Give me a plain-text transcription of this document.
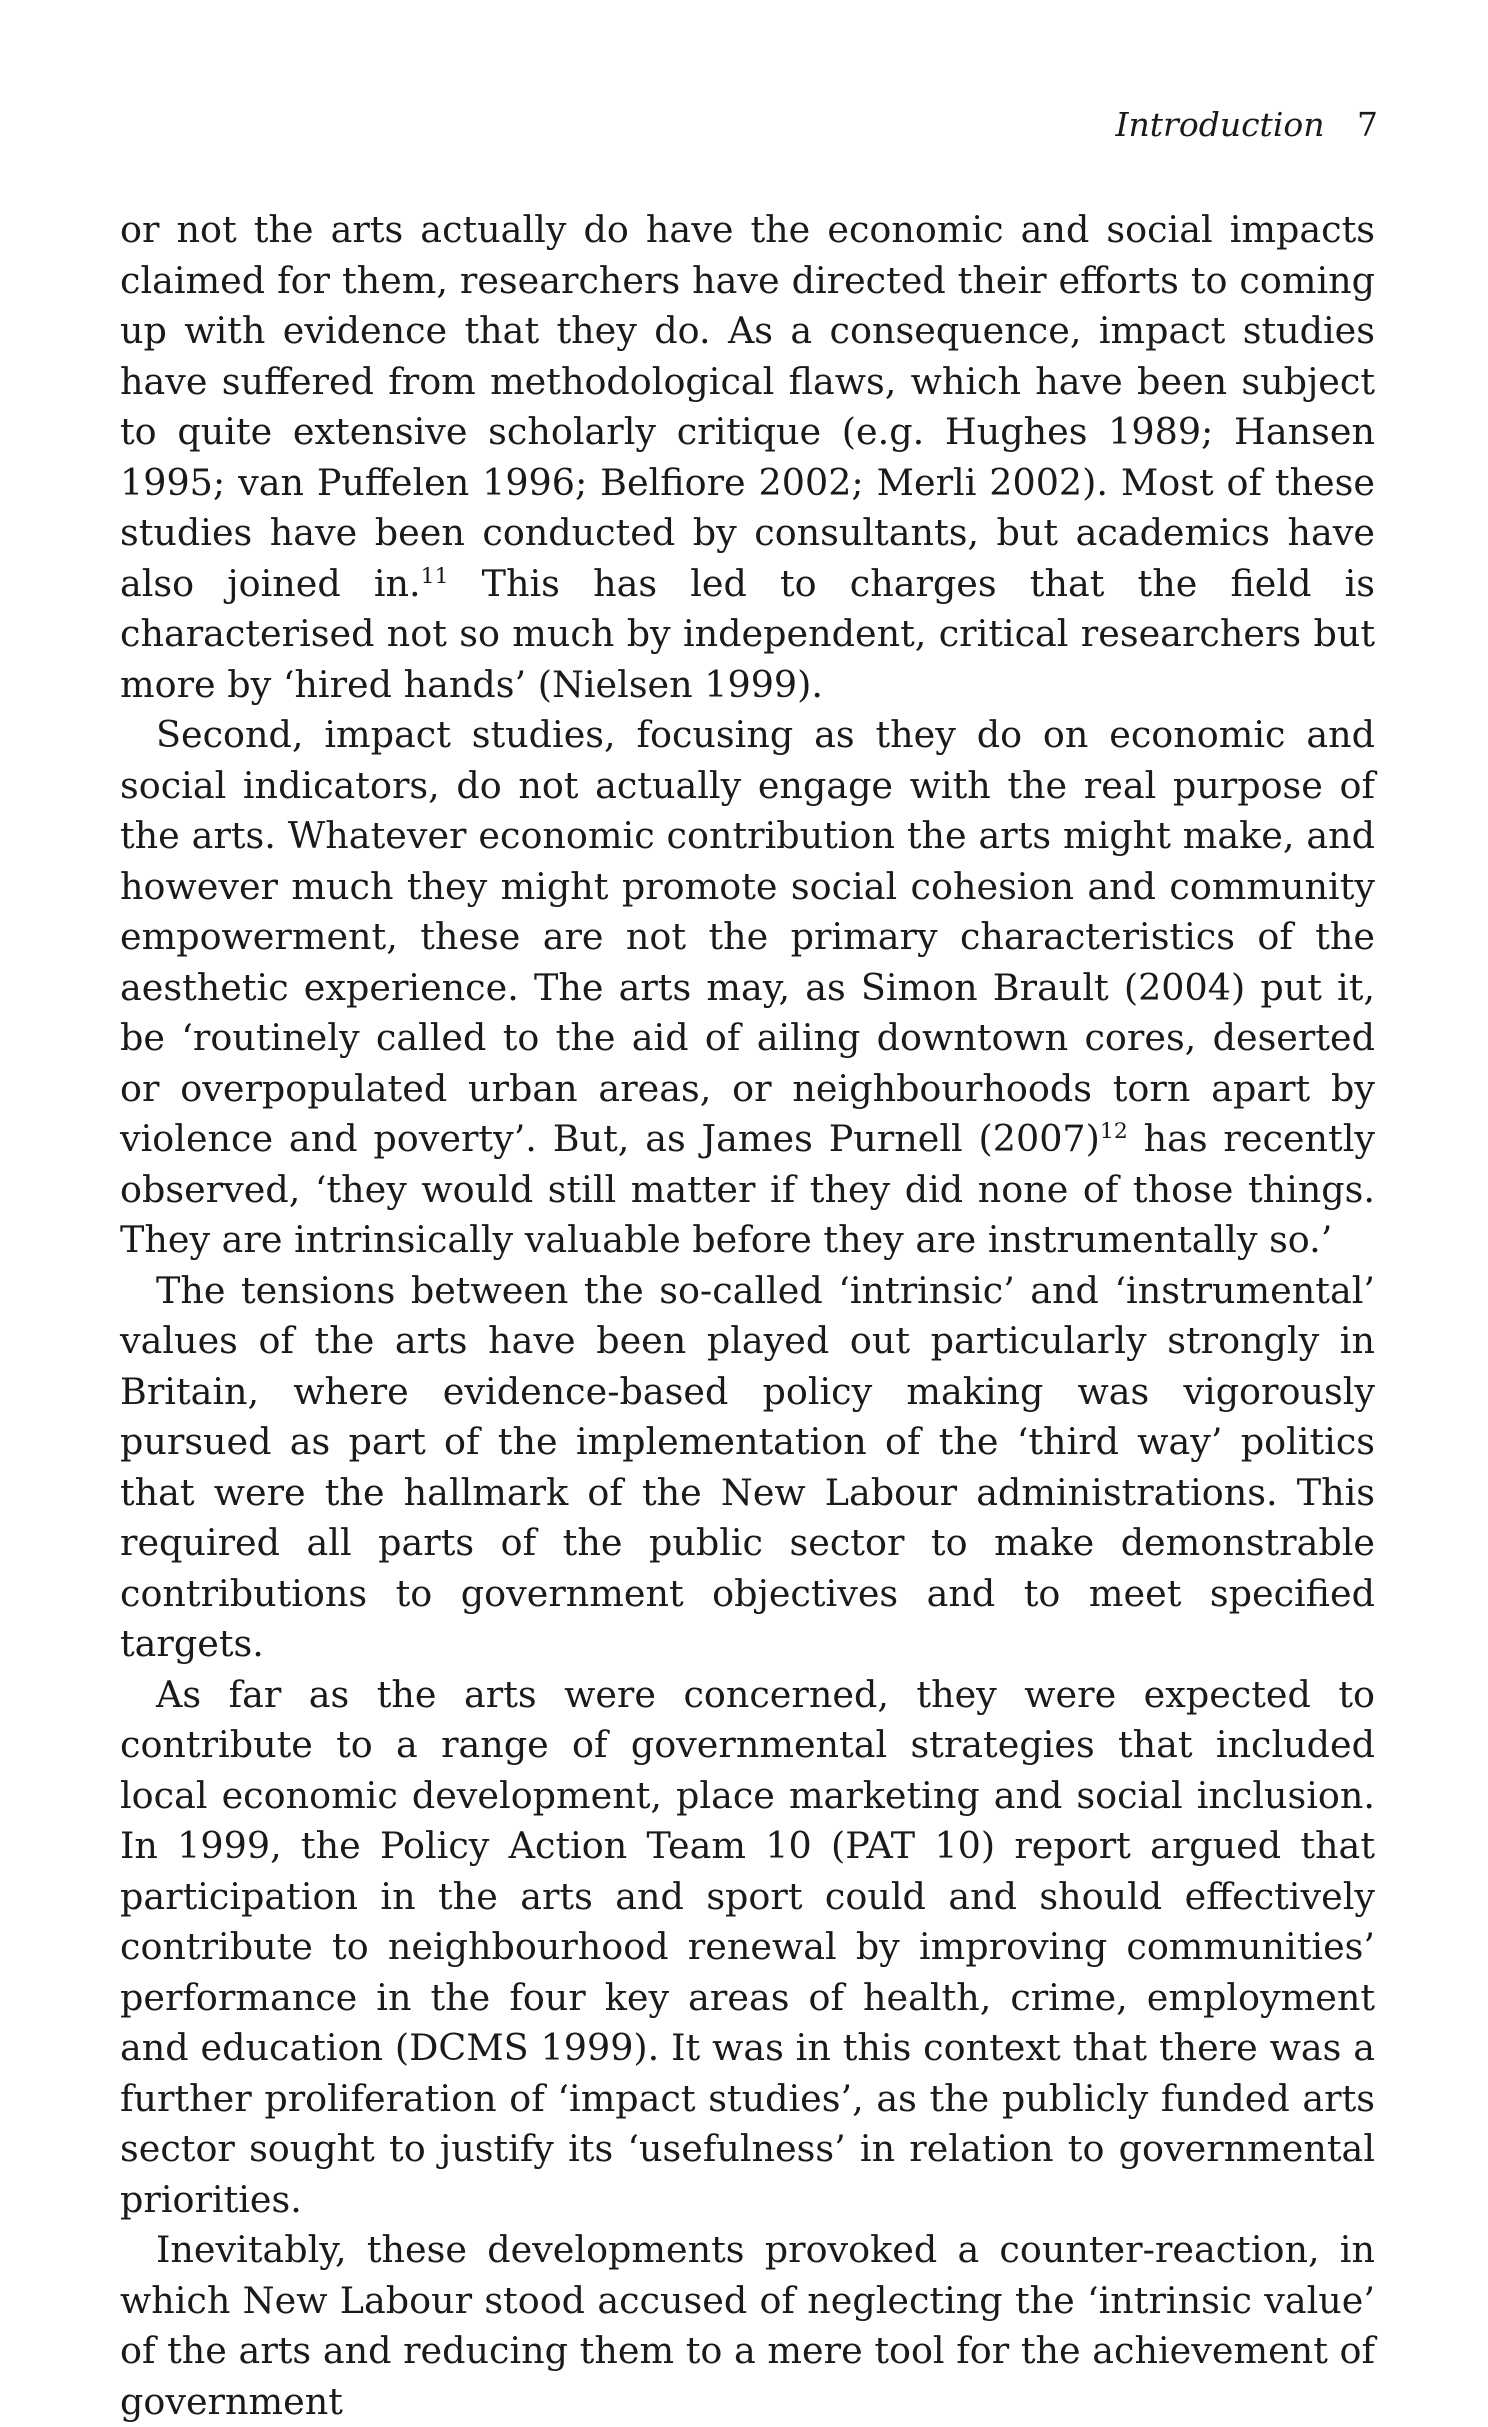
Introduction 7

or not the arts actually do have the economic and social impacts claimed for them, researchers have directed their efforts to coming up with evidence that they do. As a consequence, impact studies have suffered from methodological flaws, which have been subject to quite extensive scholarly critique (e.g. Hughes 1989; Hansen 1995; van Puffelen 1996; Belfiore 2002; Merli 2002). Most of these studies have been conducted by consultants, but academics have also joined in.$^{11}$ This has led to charges that the field is characterised not so much by independent, critical researchers but more by ‘hired hands’ (Nielsen 1999).

Second, impact studies, focusing as they do on economic and social indicators, do not actually engage with the real purpose of the arts. Whatever economic contribution the arts might make, and however much they might promote social cohesion and community empowerment, these are not the primary characteristics of the aesthetic experience. The arts may, as Simon Brault (2004) put it, be ‘routinely called to the aid of ailing downtown cores, deserted or overpopulated urban areas, or neighbourhoods torn apart by violence and poverty’. But, as James Purnell $(2007)^{12}$ has recently observed, ‘they would still matter if they did none of those things. They are intrinsically valuable before they are instrumentally so.’

The tensions between the so-called ‘intrinsic’ and ‘instrumental’ values of the arts have been played out particularly strongly in Britain, where evidence-based policy making was vigorously pursued as part of the implementation of the ‘third way’ politics that were the hallmark of the New Labour administrations. This required all parts of the public sector to make demonstrable contributions to government objectives and to meet specified targets.

As far as the arts were concerned, they were expected to contribute to a range of governmental strategies that included local economic development, place marketing and social inclusion. In 1999, the Policy Action Team 10 (PAT 10) report argued that participation in the arts and sport could and should effectively contribute to neighbourhood renewal by improving communities’ performance in the four key areas of health, crime, employment and education (DCMS 1999). It was in this context that there was a further proliferation of ‘impact studies’, as the publicly funded arts sector sought to justify its ‘usefulness’ in relation to governmental priorities.

Inevitably, these developments provoked a counter-reaction, in which New Labour stood accused of neglecting the ‘intrinsic value’ of the arts and reducing them to a mere tool for the achievement of government
